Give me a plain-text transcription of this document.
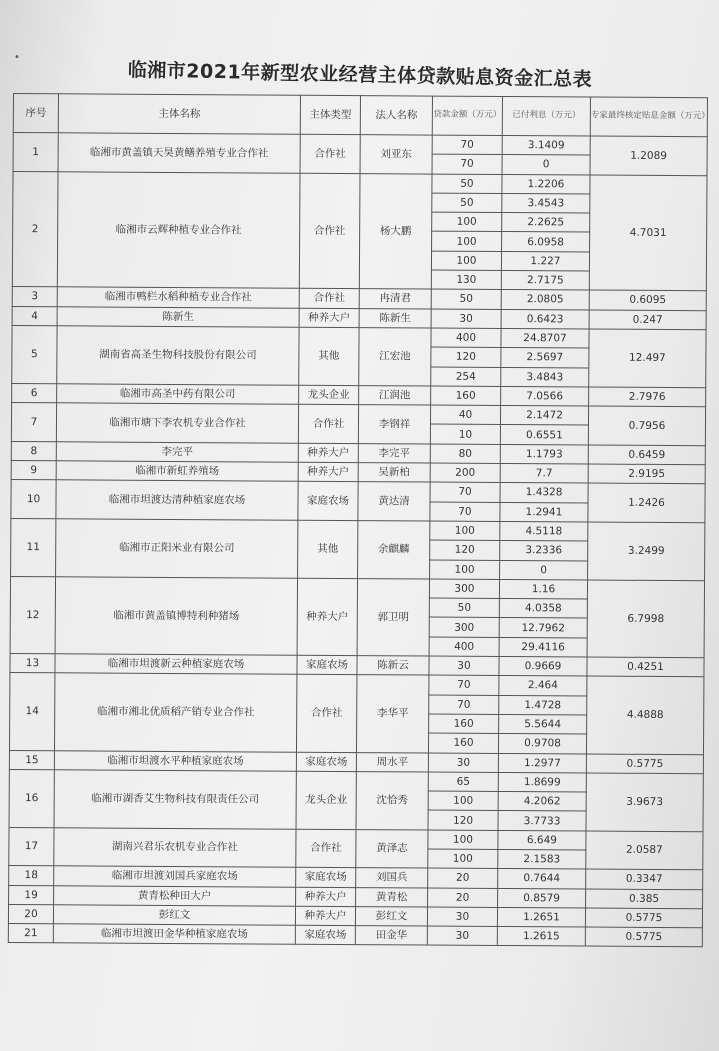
•
临湘市2021年新型农业经营主体贷款贴息资金汇总表
序号	主体名称	主体类型	法人名称	贷款金额（万元）	已付利息（万元）	专家最终核定贴息金额（万元）
1	临湘市黄盖镇天昊黄鳝养殖专业合作社	合作社	刘亚东	70	3.1409	1.2089
				70	0	
2	临湘市云辉种植专业合作社	合作社	杨大鹏	50	1.2206	4.7031
				50	3.4543	
				100	2.2625	
				100	6.0958	
				100	1.227	
				130	2.7175	
3	临湘市鸭栏水稻种植专业合作社	合作社	冉清君	50	2.0805	0.6095
4	陈新生	种养大户	陈新生	30	0.6423	0.247
5	湖南省高圣生物科技股份有限公司	其他	江宏池	400	24.8707	12.497
				120	2.5697	
				254	3.4843	
6	临湘市高圣中药有限公司	龙头企业	江润池	160	7.0566	2.7976
7	临湘市塘下李农机专业合作社	合作社	李钢祥	40	2.1472	0.7956
				10	0.6551	
8	李完平	种养大户	李完平	80	1.1793	0.6459
9	临湘市新虹养殖场	种养大户	吴新柏	200	7.7	2.9195
10	临湘市坦渡达清种植家庭农场	家庭农场	黄达清	70	1.4328	1.2426
				70	1.2941	
11	临湘市正阳米业有限公司	其他	余麒麟	100	4.5118	3.2499
				120	3.2336	
				100	0	
12	临湘市黄盖镇博特利种猪场	种养大户	郭卫明	300	1.16	6.7998
				50	4.0358	
				300	12.7962	
				400	29.4116	
13	临湘市坦渡新云种植家庭农场	家庭农场	陈新云	30	0.9669	0.4251
14	临湘市湘北优质稻产销专业合作社	合作社	李华平	70	2.464	4.4888
				70	1.4728	
				160	5.5644	
				160	0.9708	
15	临湘市坦渡水平种植家庭农场	家庭农场	周水平	30	1.2977	0.5775
16	临湘市湖香艾生物科技有限责任公司	龙头企业	沈恰秀	65	1.8699	3.9673
				100	4.2062	
				120	3.7733	
17	湖南兴君乐农机专业合作社	合作社	黄泽志	100	6.649	2.0587
				100	2.1583	
18	临湘市坦渡刘国兵家庭农场	家庭农场	刘国兵	20	0.7644	0.3347
19	黄青松种田大户	种养大户	黄青松	20	0.8579	0.385
20	彭红文	种养大户	彭红文	30	1.2651	0.5775
21	临湘市坦渡田金华种植家庭农场	家庭农场	田金华	30	1.2615	0.5775
